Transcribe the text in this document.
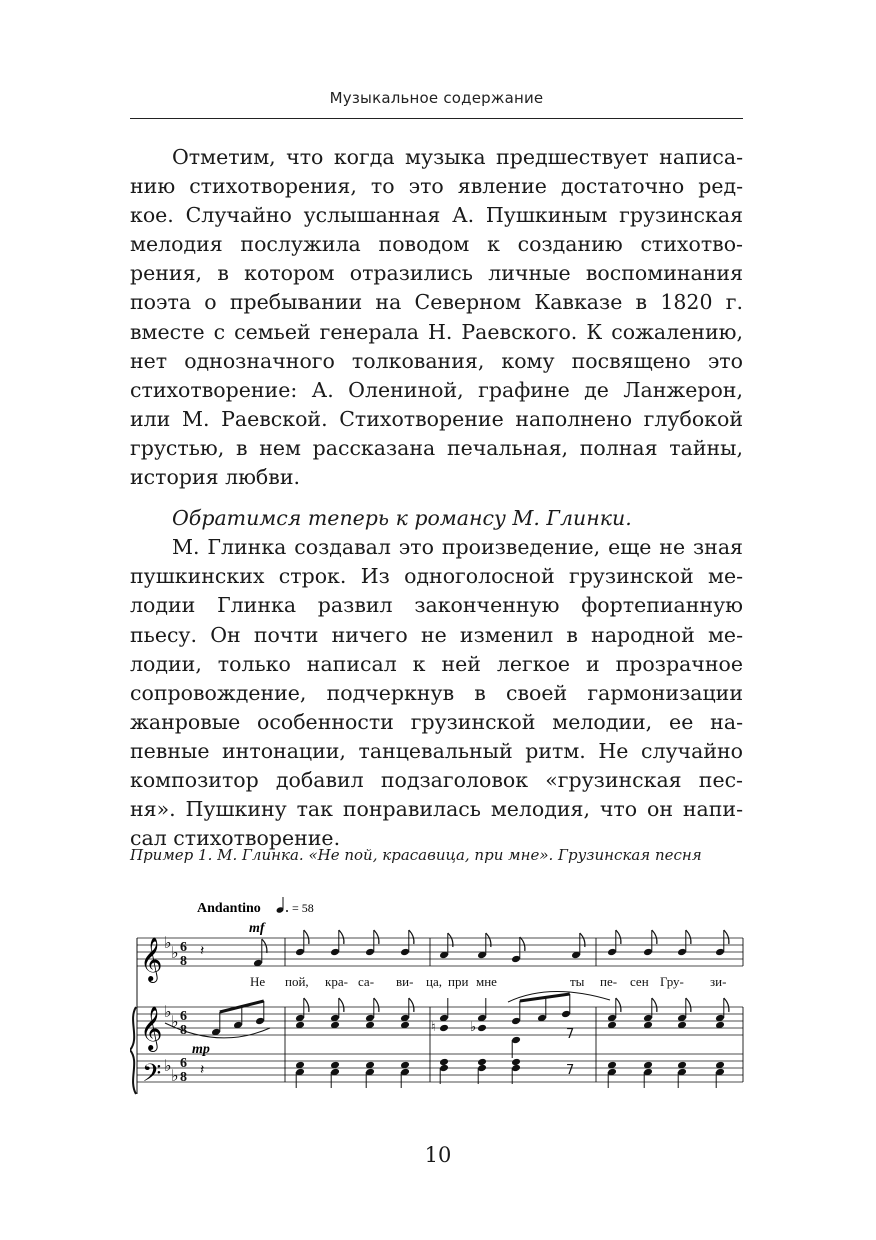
Музыкальное содержание
Отметим, что когда музыка предшествует написа-
нию стихотворения, то это явление достаточно ред-
кое. Случайно услышанная А. Пушкиным грузинская
мелодия послужила поводом к созданию стихотво-
рения, в котором отразились личные воспоминания
поэта о пребывании на Северном Кавказе в 1820 г.
вместе с семьей генерала Н. Раевского. К сожалению,
нет однозначного толкования, кому посвящено это
стихотворение: А. Олениной, графине де Ланжерон,
или М. Раевской. Стихотворение наполнено глубокой
грустью, в нем рассказана печальная, полная тайны,
история любви.
Обратимся теперь к романсу М. Глинки.
М. Глинка создавал это произведение, еще не зная
пушкинских строк. Из одноголосной грузинской ме-
лодии Глинка развил законченную фортепианную
пьесу. Он почти ничего не изменил в народной ме-
лодии, только написал к ней легкое и прозрачное
сопровождение, подчеркнув в своей гармонизации
жанровые особенности грузинской мелодии, ее на-
певные интонации, танцевальный ритм. Не случайно
композитор добавил подзаголовок «грузинская пес-
ня». Пушкину так понравилась мелодия, что он напи-
сал стихотворение.
Пример 1. М. Глинка. «Не пой, красавица, при мне». Грузинская песня
Andantino	= 58
mf
𝄞
𝄞
𝄢
♭
♭
♭
♭
♭
♭
6
8
6
8
6
8
𝄽
𝄽
♮	♭	7
7
Не пой, кра- са- ви- ца, при мне	ты пе- сен Гру- зи-
mp
10
